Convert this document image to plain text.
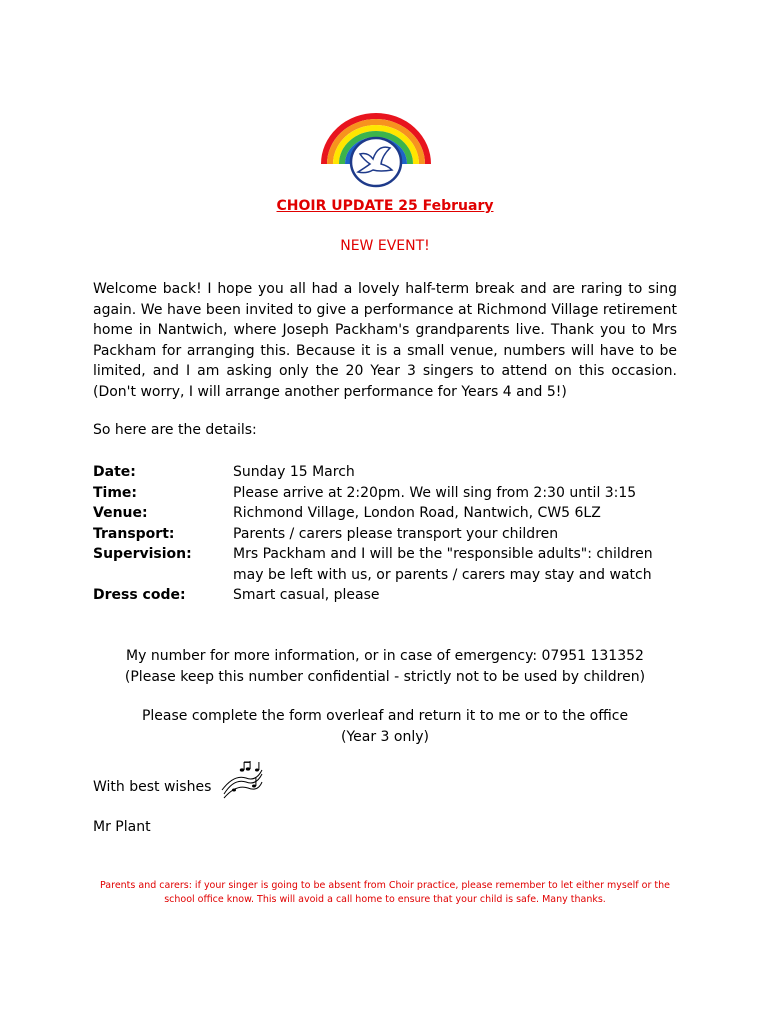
CHOIR UPDATE 25 February
NEW EVENT!

Welcome back! I hope you all had a lovely half-term break and are raring to sing again. We have been invited to give a performance at Richmond Village retirement home in Nantwich, where Joseph Packham's grandparents live. Thank you to Mrs Packham for arranging this. Because it is a small venue, numbers will have to be limited, and I am asking only the 20 Year 3 singers to attend on this occasion. (Don't worry, I will arrange another performance for Years 4 and 5!)

So here are the details:

Date:	Sunday 15 March
Time:	Please arrive at 2:20pm. We will sing from 2:30 until 3:15
Venue:	Richmond Village, London Road, Nantwich, CW5 6LZ
Transport:	Parents / carers please transport your children
Supervision:	Mrs Packham and I will be the "responsible adults": children may be left with us, or parents / carers may stay and watch
Dress code:	Smart casual, please
My number for more information, or in case of emergency: 07951 131352
(Please keep this number confidential - strictly not to be used by children)
Please complete the form overleaf and return it to me or to the office
(Year 3 only)
With best wishes
Mr Plant
Parents and carers: if your singer is going to be absent from Choir practice, please remember to let either myself or the
school office know. This will avoid a call home to ensure that your child is safe. Many thanks.
